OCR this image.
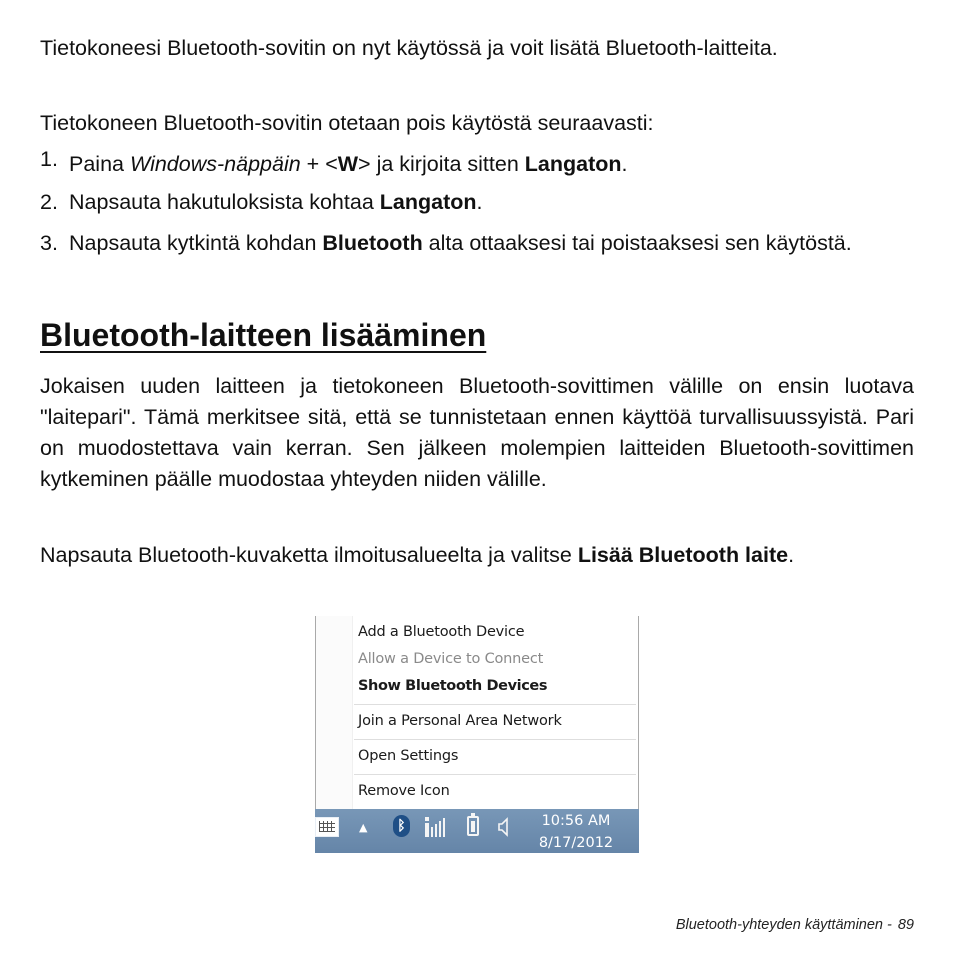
Tietokoneesi Bluetooth-sovitin on nyt käytössä ja voit lisätä Bluetooth-laitteita.

Tietokoneen Bluetooth-sovitin otetaan pois käytöstä seuraavasti:

1. Paina Windows-näppäin + <W> ja kirjoita sitten Langaton.
2. Napsauta hakutuloksista kohtaa Langaton.
3. Napsauta kytkintä kohdan Bluetooth alta ottaaksesi tai poistaaksesi sen käytöstä.
Bluetooth-laitteen lisääminen

Jokaisen uuden laitteen ja tietokoneen Bluetooth-sovittimen välille on ensin luotava "laitepari". Tämä merkitsee sitä, että se tunnistetaan ennen käyttöä turvallisuussyistä. Pari on muodostettava vain kerran. Sen jälkeen molempien laitteiden Bluetooth-sovittimen kytkeminen päälle muodostaa yhteyden niiden välille.

Napsauta Bluetooth-kuvaketta ilmoitusalueelta ja valitse Lisää Bluetooth laite.

Add a Bluetooth Device
Allow a Device to Connect
Show Bluetooth Devices
Join a Personal Area Network
Open Settings
Remove Icon
▲	ᛒ	10:56 AM
8/17/2012
Bluetooth-yhteyden käyttäminen - 89
